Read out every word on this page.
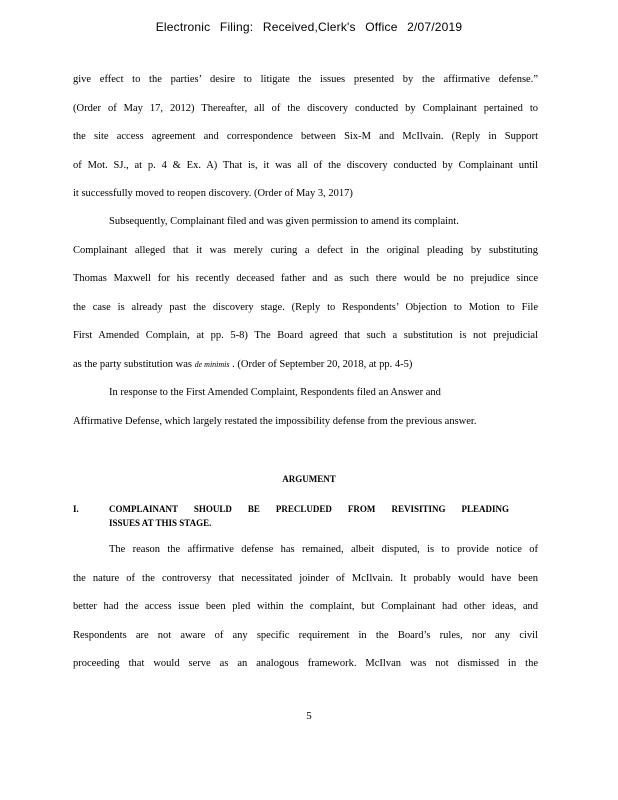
Electronic Filing: Received,Clerk's Office 2/07/2019
give effect to the parties’ desire to litigate the issues presented by the affirmative defense.”
(Order of May 17, 2012) Thereafter, all of the discovery conducted by Complainant pertained to
the site access agreement and correspondence between Six-M and McIlvain. (Reply in Support
of Mot. SJ., at p. 4 & Ex. A) That is, it was all of the discovery conducted by Complainant until
it successfully moved to reopen discovery. (Order of May 3, 2017)
Subsequently, Complainant filed and was given permission to amend its complaint.
Complainant alleged that it was merely curing a defect in the original pleading by substituting
Thomas Maxwell for his recently deceased father and as such there would be no prejudice since
the case is already past the discovery stage. (Reply to Respondents’ Objection to Motion to File
First Amended Complain, at pp. 5-8) The Board agreed that such a substitution is not prejudicial
as the party substitution was de minimis . (Order of September 20, 2018, at pp. 4-5)
In response to the First Amended Complaint, Respondents filed an Answer and
Affirmative Defense, which largely restated the impossibility defense from the previous answer.
ARGUMENT
I.	COMPLAINANT SHOULD BE PRECLUDED FROM REVISITING PLEADING
ISSUES AT THIS STAGE.
The reason the affirmative defense has remained, albeit disputed, is to provide notice of
the nature of the controversy that necessitated joinder of McIlvain. It probably would have been
better had the access issue been pled within the complaint, but Complainant had other ideas, and
Respondents are not aware of any specific requirement in the Board’s rules, nor any civil
proceeding that would serve as an analogous framework. McIlvan was not dismissed in the
5
